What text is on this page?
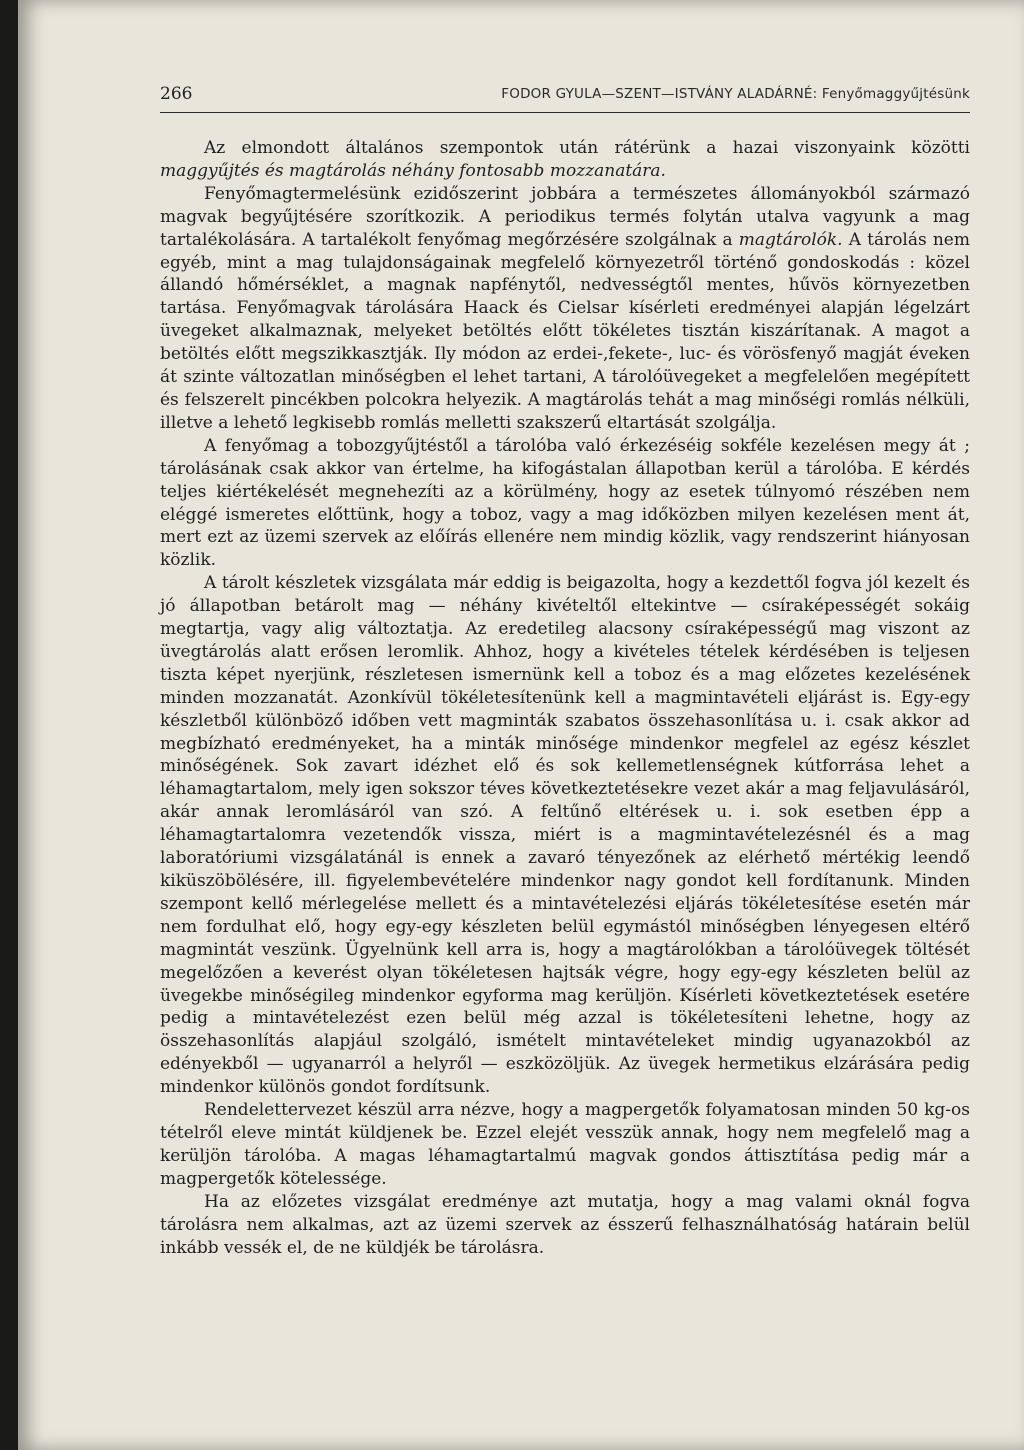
266	FODOR GYULA—SZENT—ISTVÁNY ALADÁRNÉ: Fenyőmaggyűjtésünk

Az elmondott általános szempontok után rátérünk a hazai viszonyaink közötti maggyűjtés és magtárolás néhány fontosabb mozzanatára.

Fenyőmagtermelésünk ezidőszerint jobbára a természetes állományokból származó magvak begyűjtésére szorítkozik. A periodikus termés folytán utalva vagyunk a mag tartalékolására. A tartalékolt fenyőmag megőrzésére szolgálnak a magtárolók. A tárolás nem egyéb, mint a mag tulajdonságainak megfelelő környezetről történő gondoskodás : közel állandó hőmérséklet, a magnak napfénytől, nedvességtől mentes, hűvös környezetben tartása. Fenyőmagvak tárolására Haack és Cielsar kísérleti eredményei alapján légelzárt üvegeket alkalmaznak, melyeket betöltés előtt tökéletes tisztán kiszárítanak. A magot a betöltés előtt megszikkasztják. Ily módon az erdei-,fekete-, luc- és vörösfenyő magját éveken át szinte változatlan minőségben el lehet tartani, A tárolóüvegeket a megfelelően megépített és felszerelt pincékben polcokra helyezik. A magtárolás tehát a mag minőségi romlás nélküli, illetve a lehető legkisebb romlás melletti szakszerű eltartását szolgálja.

A fenyőmag a tobozgyűjtéstől a tárolóba való érkezéséig sokféle kezelésen megy át ; tárolásának csak akkor van értelme, ha kifogástalan állapotban kerül a tárolóba. E kérdés teljes kiértékelését megnehezíti az a körülmény, hogy az esetek túlnyomó részében nem eléggé ismeretes előttünk, hogy a toboz, vagy a mag időközben milyen kezelésen ment át, mert ezt az üzemi szervek az előírás ellenére nem mindig közlik, vagy rendszerint hiányosan közlik.

A tárolt készletek vizsgálata már eddig is beigazolta, hogy a kezdettől fogva jól kezelt és jó állapotban betárolt mag — néhány kivételtől eltekintve — csíraképességét sokáig megtartja, vagy alig változtatja. Az eredetileg alacsony csíraképességű mag viszont az üvegtárolás alatt erősen leromlik. Ahhoz, hogy a kivételes tételek kérdésében is teljesen tiszta képet nyerjünk, részletesen ismernünk kell a toboz és a mag előzetes kezelésének minden mozzanatát. Azonkívül tökéletesítenünk kell a magmintavételi eljárást is. Egy-egy készletből különböző időben vett magminták szabatos összehasonlítása u. i. csak akkor ad megbízható eredményeket, ha a minták minősége mindenkor megfelel az egész készlet minőségének. Sok zavart idézhet elő és sok kellemetlenségnek kútforrása lehet a léhamagtartalom, mely igen sokszor téves következtetésekre vezet akár a mag feljavulásáról, akár annak leromlásáról van szó. A feltűnő eltérések u. i. sok esetben épp a léhamagtartalomra vezetendők vissza, miért is a magmintavételezésnél és a mag laboratóriumi vizsgálatánál is ennek a zavaró tényezőnek az elérhető mértékig leendő kiküszöbölésére, ill. figyelembevételére mindenkor nagy gondot kell fordítanunk. Minden szempont kellő mérlegelése mellett és a mintavételezési eljárás tökéletesítése esetén már nem fordulhat elő, hogy egy-egy készleten belül egymástól minőségben lényegesen eltérő magmintát veszünk. Ügyelnünk kell arra is, hogy a magtárolókban a tárolóüvegek töltését megelőzően a keverést olyan tökéletesen hajtsák végre, hogy egy-egy készleten belül az üvegekbe minőségileg mindenkor egyforma mag kerüljön. Kísérleti következtetések esetére pedig a mintavételezést ezen belül még azzal is tökéletesíteni lehetne, hogy az összehasonlítás alapjául szolgáló, ismételt mintavételeket mindig ugyanazokból az edényekből — ugyanarról a helyről — eszközöljük. Az üvegek hermetikus elzárására pedig mindenkor különös gondot fordítsunk.

Rendelettervezet készül arra nézve, hogy a magpergetők folyamatosan minden 50 kg-os tételről eleve mintát küldjenek be. Ezzel elejét vesszük annak, hogy nem megfelelő mag a kerüljön tárolóba. A magas léhamagtartalmú magvak gondos áttisztítása pedig már a magpergetők kötelessége.

Ha az előzetes vizsgálat eredménye azt mutatja, hogy a mag valami oknál fogva tárolásra nem alkalmas, azt az üzemi szervek az ésszerű felhasználhatóság határain belül inkább vessék el, de ne küldjék be tárolásra.
